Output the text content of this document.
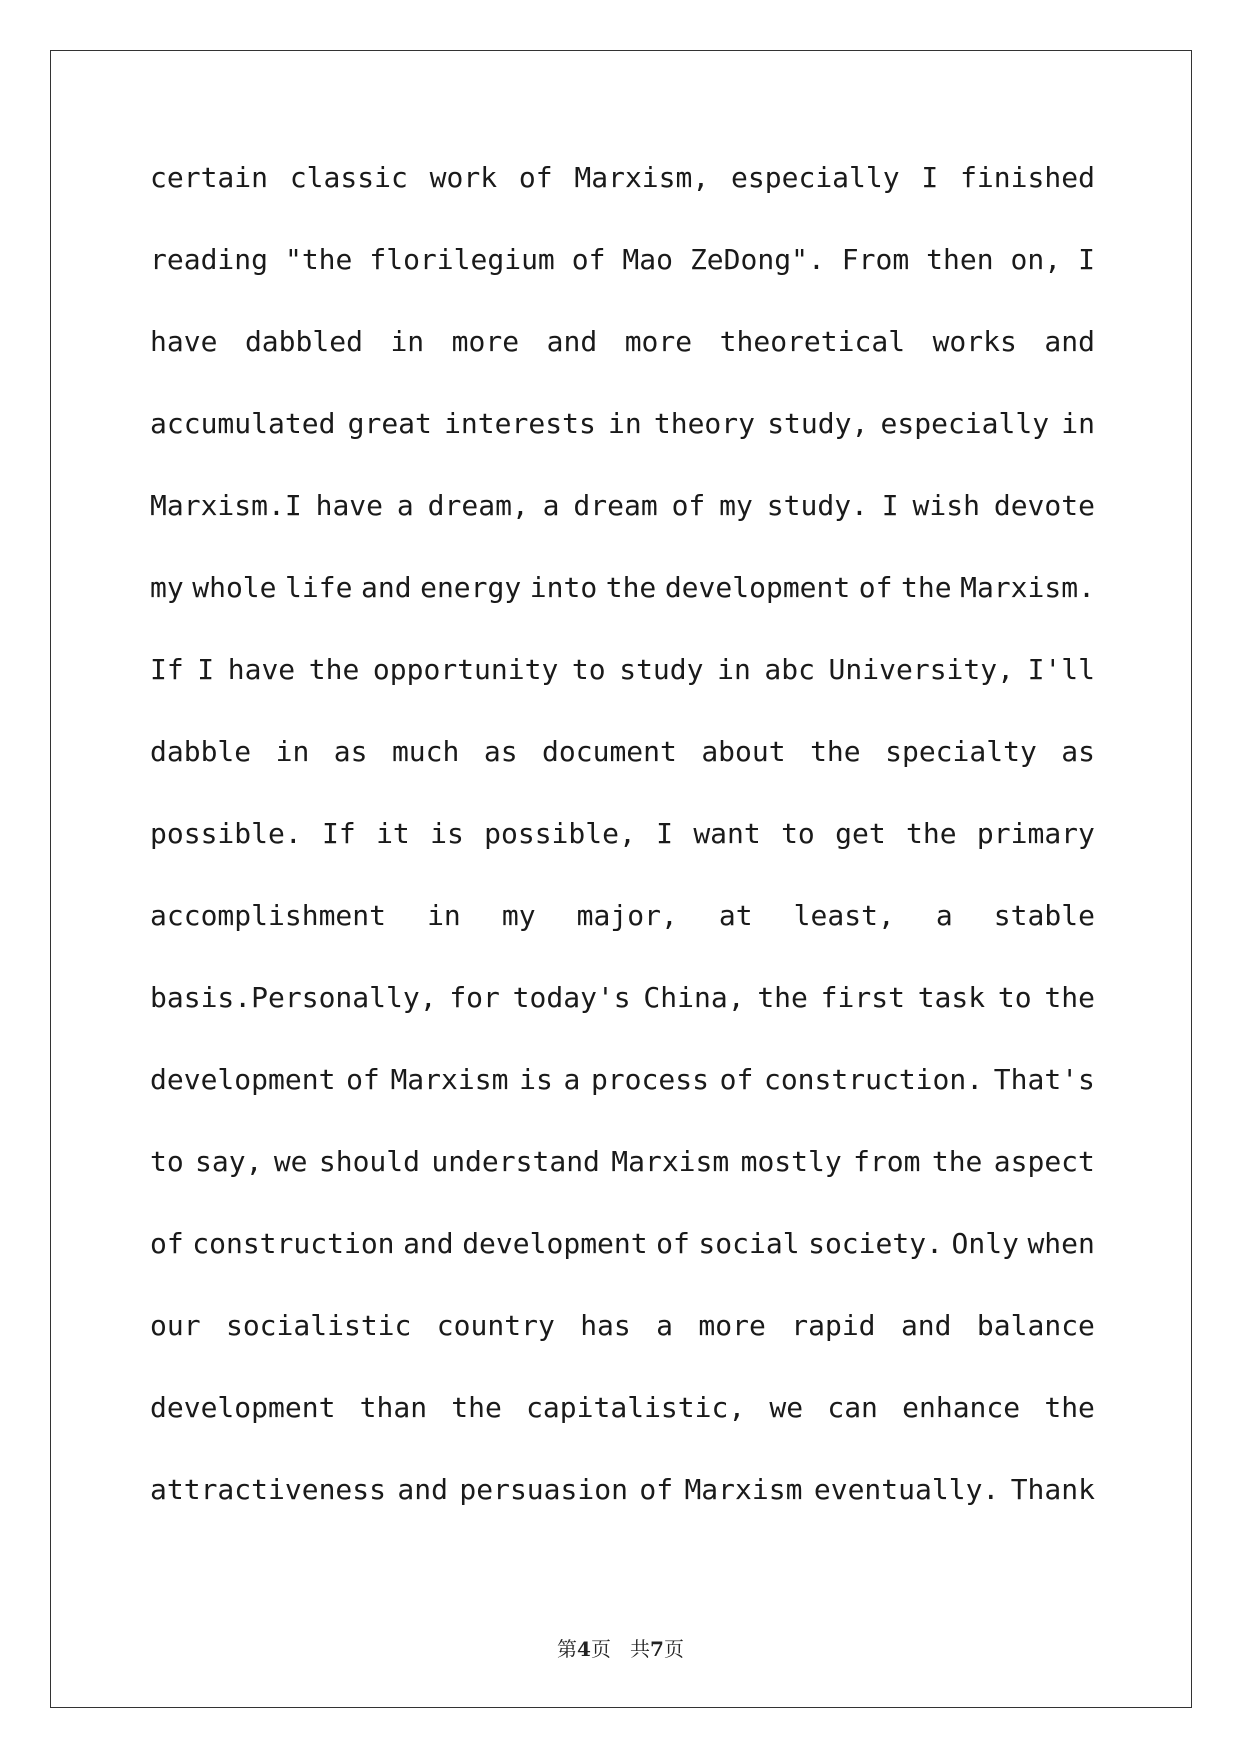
certain classic work of Marxism, especially I finished
reading "the florilegium of Mao ZeDong". From then on, I
have dabbled in more and more theoretical works and
accumulated great interests in theory study, especially in
Marxism.I have a dream, a dream of my study. I wish devote
my whole life and energy into the development of the Marxism.
If I have the opportunity to study in abc University, I'll
dabble in as much as document about the specialty as
possible. If it is possible, I want to get the primary
accomplishment in my major, at least, a stable
basis.Personally, for today's China, the first task to the
development of Marxism is a process of construction. That's
to say, we should understand Marxism mostly from the aspect
of construction and development of social society. Only when
our socialistic country has a more rapid and balance
development than the capitalistic, we can enhance the
attractiveness and persuasion of Marxism eventually. Thank
第4页 共7页
